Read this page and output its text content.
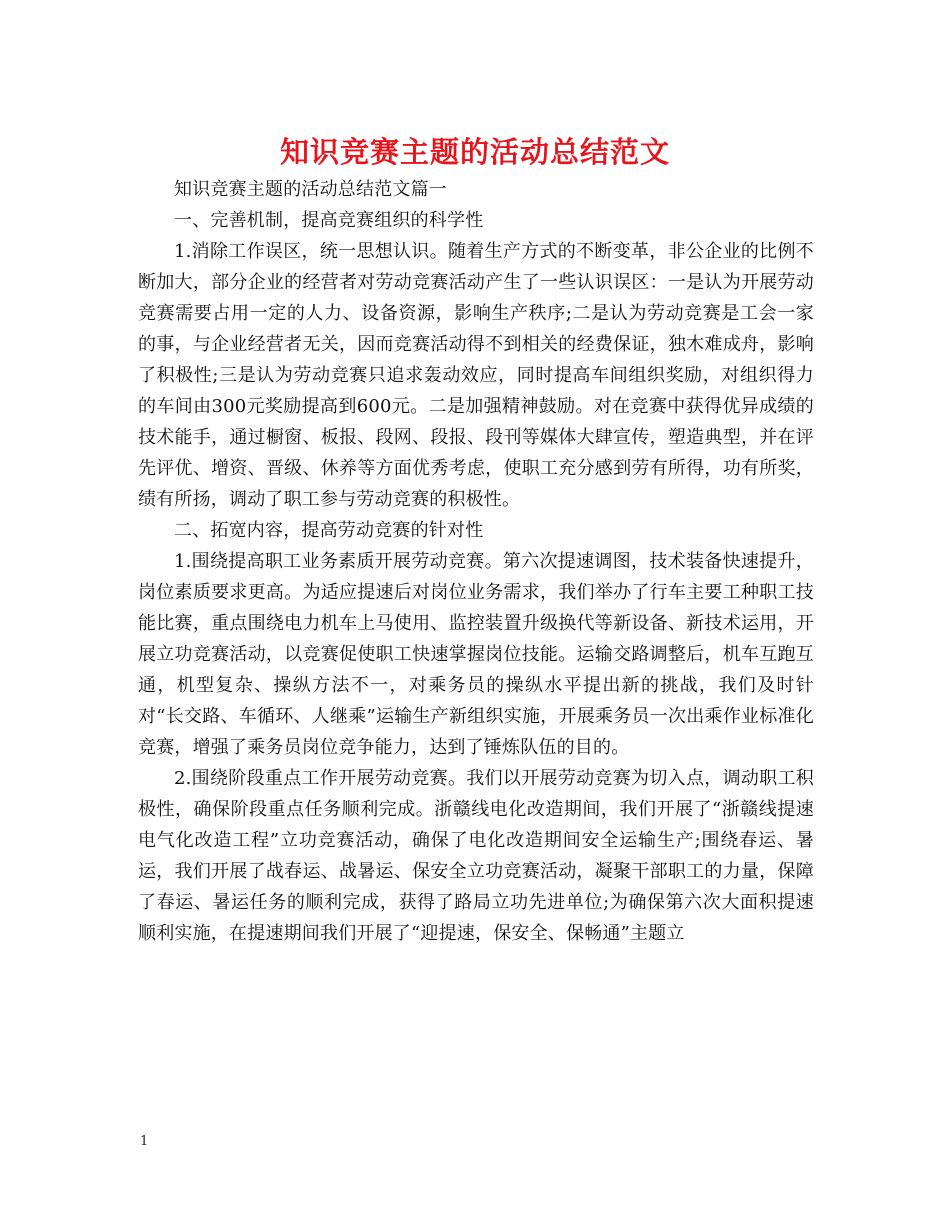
知识竞赛主题的活动总结范文

知识竞赛主题的活动总结范文篇一

一、完善机制，提高竞赛组织的科学性

1.消除工作误区，统一思想认识。随着生产方式的不断变革，非公企业的比例不断加大，部分企业的经营者对劳动竞赛活动产生了一些认识误区：一是认为开展劳动竞赛需要占用一定的人力、设备资源，影响生产秩序;二是认为劳动竞赛是工会一家的事，与企业经营者无关，因而竞赛活动得不到相关的经费保证，独木难成舟，影响了积极性;三是认为劳动竞赛只追求轰动效应，同时提高车间组织奖励，对组织得力的车间由300元奖励提高到600元。二是加强精神鼓励。对在竞赛中获得优异成绩的技术能手，通过橱窗、板报、段网、段报、段刊等媒体大肆宣传，塑造典型，并在评先评优、增资、晋级、休养等方面优秀考虑，使职工充分感到劳有所得，功有所奖，绩有所扬，调动了职工参与劳动竞赛的积极性。

二、拓宽内容，提高劳动竞赛的针对性

1.围绕提高职工业务素质开展劳动竞赛。第六次提速调图，技术装备快速提升，岗位素质要求更高。为适应提速后对岗位业务需求，我们举办了行车主要工种职工技能比赛，重点围绕电力机车上马使用、监控装置升级换代等新设备、新技术运用，开展立功竞赛活动，以竞赛促使职工快速掌握岗位技能。运输交路调整后，机车互跑互通，机型复杂、操纵方法不一，对乘务员的操纵水平提出新的挑战，我们及时针对“长交路、车循环、人继乘”运输生产新组织实施，开展乘务员一次出乘作业标准化竞赛，增强了乘务员岗位竞争能力，达到了锤炼队伍的目的。

2.围绕阶段重点工作开展劳动竞赛。我们以开展劳动竞赛为切入点，调动职工积极性，确保阶段重点任务顺利完成。浙赣线电化改造期间，我们开展了“浙赣线提速电气化改造工程”立功竞赛活动，确保了电化改造期间安全运输生产;围绕春运、暑运，我们开展了战春运、战暑运、保安全立功竞赛活动，凝聚干部职工的力量，保障了春运、暑运任务的顺利完成，获得了路局立功先进单位;为确保第六次大面积提速顺利实施，在提速期间我们开展了“迎提速，保安全、保畅通”主题立

1
